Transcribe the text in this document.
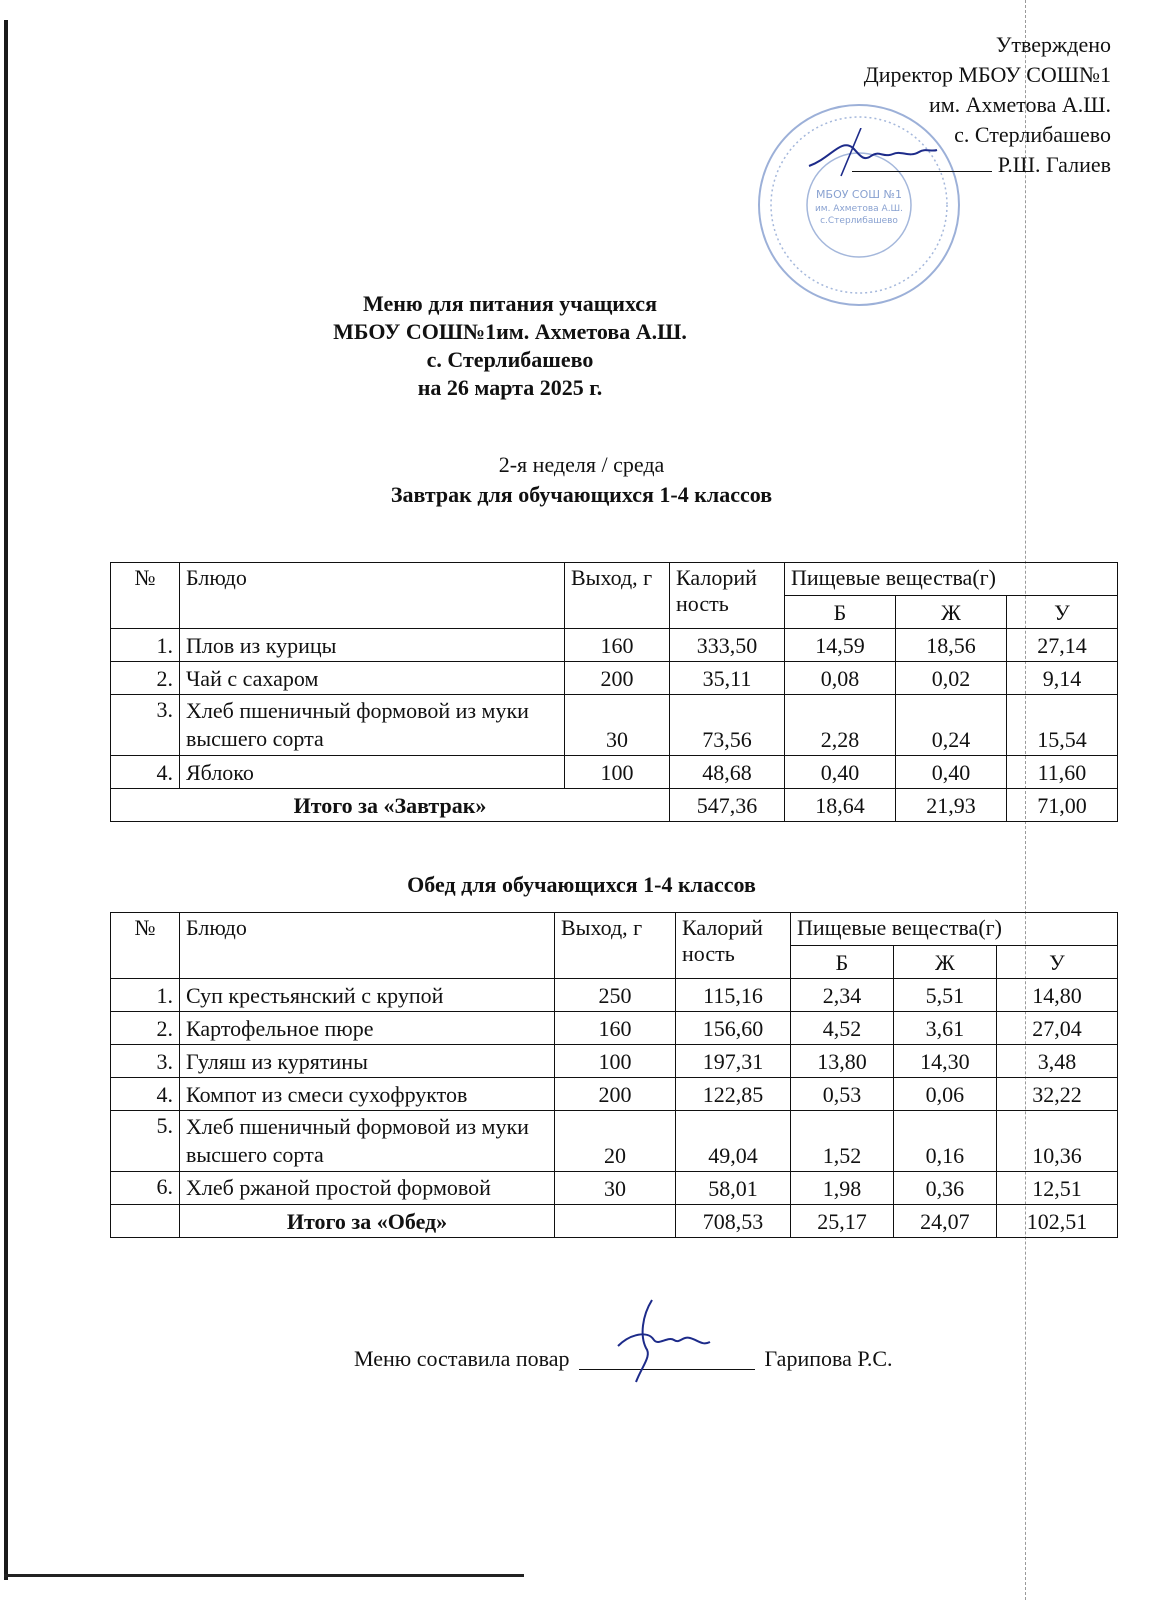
МБОУ СОШ №1
им. Ахметова А.Ш.
с.Стерлибашево
Утверждено
Директор МБОУ СОШ№1
им. Ахметова А.Ш.
с. Стерлибашево
Р.Ш. Галиев
Меню для питания учащихся
МБОУ СОШ№1им. Ахметова А.Ш.
с. Стерлибашево
на 26 марта 2025 г.
2-я неделя / среда
Завтрак для обучающихся 1-4 классов
№	Блюдо	Выход, г	Калорий ность	Пищевые вещества(г)		
				Б	Ж	У
1.	Плов из курицы	160	333,50	14,59	18,56	27,14
2.	Чай с сахаром	200	35,11	0,08	0,02	9,14
3.	Хлеб пшеничный формовой из муки высшего сорта	30	73,56	2,28	0,24	15,54
4.	Яблоко	100	48,68	0,40	0,40	11,60
Итого за «Завтрак»			547,36	18,64	21,93	71,00
Обед для обучающихся 1-4 классов
№	Блюдо	Выход, г	Калорий ность	Пищевые вещества(г)		
				Б	Ж	У
1.	Суп крестьянский с крупой	250	115,16	2,34	5,51	14,80
2.	Картофельное пюре	160	156,60	4,52	3,61	27,04
3.	Гуляш из курятины	100	197,31	13,80	14,30	3,48
4.	Компот из смеси сухофруктов	200	122,85	0,53	0,06	32,22
5.	Хлеб пшеничный формовой из муки высшего сорта	20	49,04	1,52	0,16	10,36
6.	Хлеб ржаной простой формовой	30	58,01	1,98	0,36	12,51
	Итого за «Обед»		708,53	25,17	24,07	102,51
Меню составила повар	Гарипова Р.С.
